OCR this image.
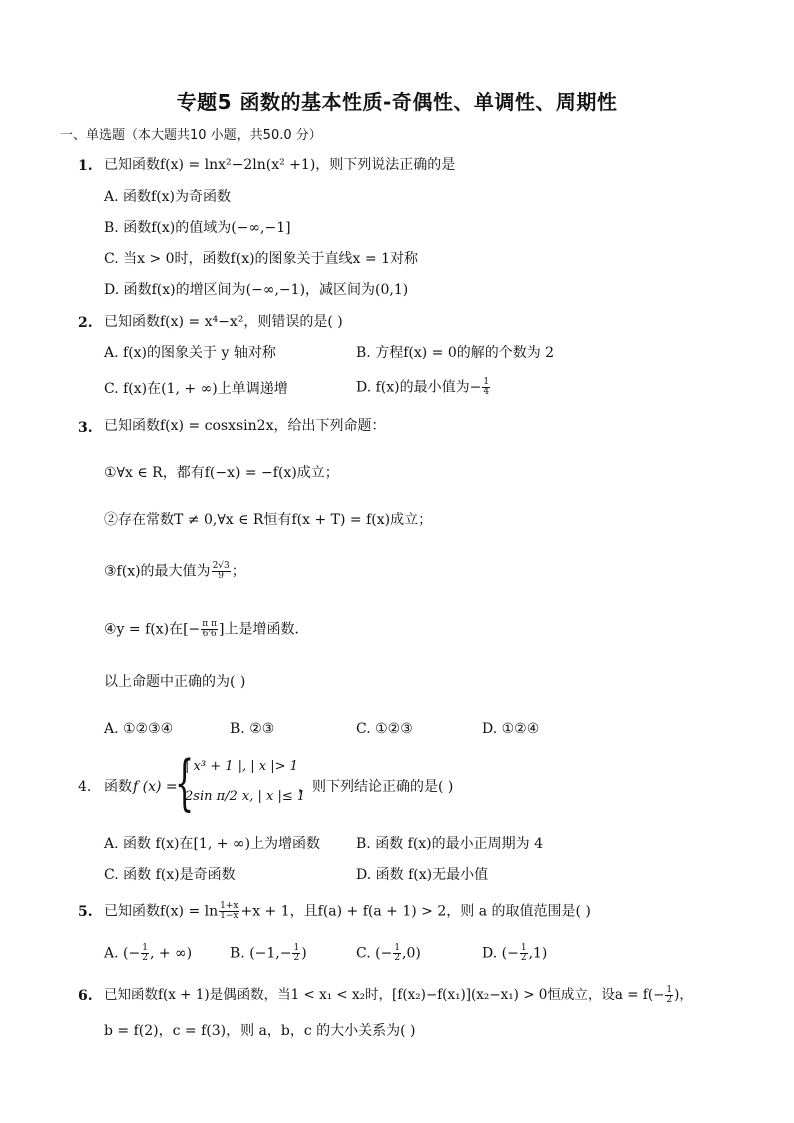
专题5 函数的基本性质-奇偶性、单调性、周期性
一、单选题（本大题共10 小题，共50.0 分）
1. 已知函数f(x) = lnx²−2ln(x² +1)，则下列说法正确的是
A. 函数f(x)为奇函数
B. 函数f(x)的值域为(−∞,−1]
C. 当x > 0时，函数f(x)的图象关于直线x = 1对称
D. 函数f(x)的增区间为(−∞,−1)，减区间为(0,1)
2. 已知函数f(x) = x⁴−x²，则错误的是( )
A. f(x)的图象关于 y 轴对称	B. 方程f(x) = 0的解的个数为 2
C. f(x)在(1, + ∞)上单调递增	D. f(x)的最小值为− $\frac{1}{4}$
3. 已知函数f(x) = cosxsin2x，给出下列命题：
①∀x ∈ R，都有f(−x) = −f(x)成立；
②存在常数T ≠ 0,∀x ∈ R恒有f(x + T) = f(x)成立；
③f(x)的最大值为 $\frac{2√3}{9}$ ；
④y = f(x)在[− $\frac{\text{π π}}{6'6}$ ]上是增函数．
以上命题中正确的为( )
A. ①②③④	B. ②③	C. ①②③	D. ①②④
4. 函数 f (x) =
{
| x³ + 1 |, | x |> 1
2sin π/2 x, | x |≤ 1
，则下列结论正确的是( )
A. 函数 f(x)在[1, + ∞)上为增函数	B. 函数 f(x)的最小正周期为 4
C. 函数 f(x)是奇函数	D. 函数 f(x)无最小值
5. 已知函数$f(x) = \ln \frac{1+x}{1-x} +x + 1$，且f(a) + f(a + 1) > 2，则 a 的取值范围是( )
A. (− $\frac{1}{2}$ , + ∞)	B. ($-1,- \frac{1}{2}$ )	C. (− $\frac{1}{2} ,0$)	D. (− $\frac{1}{2} ,1$)
6. 已知函数f(x + 1)是偶函数，当1 < x₁ < x₂时，[f(x₂)−f(x₁)](x₂−x₁) > 0恒成立，设$a = f(- \frac{1}{2}$ )，
b = f(2)，c = f(3)，则 a，b，c 的大小关系为( )
